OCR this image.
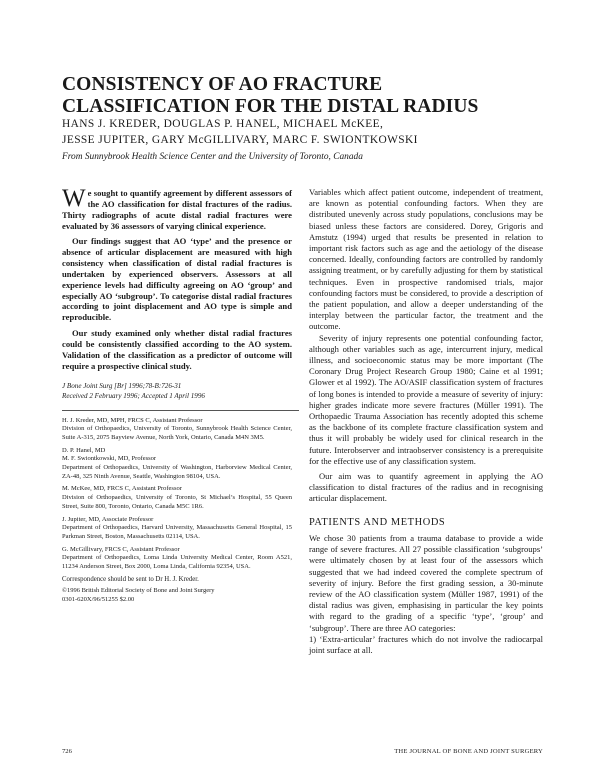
CONSISTENCY OF AO FRACTURE
CLASSIFICATION FOR THE DISTAL RADIUS
HANS J. KREDER, DOUGLAS P. HANEL, MICHAEL McKEE,
JESSE JUPITER, GARY McGILLIVARY, MARC F. SWIONTKOWSKI
From Sunnybrook Health Science Center and the University of Toronto, Canada

We sought to quantify agreement by different assessors of the AO classification for distal fractures of the radius. Thirty radiographs of acute distal radial fractures were evaluated by 36 assessors of varying clinical experience.

Our findings suggest that AO ‘type’ and the presence or absence of articular displacement are measured with high consistency when classification of distal radial fractures is undertaken by experienced observers. Assessors at all experience levels had difficulty agreeing on AO ‘group’ and especially AO ‘subgroup’. To categorise distal radial fractures according to joint displacement and AO type is simple and reproducible.

Our study examined only whether distal radial fractures could be consistently classified according to the AO system. Validation of the classification as a predictor of outcome will require a prospective clinical study.

J Bone Joint Surg [Br] 1996;78-B:726-31
Received 2 February 1996; Accepted 1 April 1996
H. J. Kreder, MD, MPH, FRCS C, Assistant Professor
Division of Orthopaedics, University of Toronto, Sunnybrook Health Science Center, Suite A-315, 2075 Bayview Avenue, North York, Ontario, Canada M4N 3M5.
D. P. Hanel, MD
M. F. Swiontkowski, MD, Professor
Department of Orthopaedics, University of Washington, Harborview Medical Center, ZA-48, 325 Ninth Avenue, Seattle, Washington 98104, USA.
M. McKee, MD, FRCS C, Assistant Professor
Division of Orthopaedics, University of Toronto, St Michael’s Hospital, 55 Queen Street, Suite 800, Toronto, Ontario, Canada M5C 1R6.
J. Jupiter, MD, Associate Professor
Department of Orthopaedics, Harvard University, Massachusetts General Hospital, 15 Parkman Street, Boston, Massachusetts 02114, USA.
G. McGillivary, FRCS C, Assistant Professor
Department of Orthopaedics, Loma Linda University Medical Center, Room A521, 11234 Anderson Street, Box 2000, Loma Linda, California 92354, USA.
Correspondence should be sent to Dr H. J. Kreder.
©1996 British Editorial Society of Bone and Joint Surgery
0301-620X/96/51255 $2.00

Variables which affect patient outcome, independent of treatment, are known as potential confounding factors. When they are distributed unevenly across study populations, conclusions may be biased unless these factors are considered. Dorey, Grigoris and Amstutz (1994) urged that results be presented in relation to important risk factors such as age and the aetiology of the disease concerned. Ideally, confounding factors are controlled by randomly assigning treatment, or by carefully adjusting for them by statistical techniques. Even in prospective randomised trials, major confounding factors must be considered, to provide a description of the patient population, and allow a deeper understanding of the interplay between the particular factor, the treatment and the outcome.

Severity of injury represents one potential confounding factor, although other variables such as age, intercurrent injury, medical illness, and socioeconomic status may be more important (The Coronary Drug Project Research Group 1980; Caine et al 1991; Glower et al 1992). The AO/ASIF classification system of fractures of long bones is intended to provide a measure of severity of injury: higher grades indicate more severe fractures (Müller 1991). The Orthopaedic Trauma Association has recently adopted this scheme as the backbone of its complete fracture classification system and thus it will probably be widely used for clinical research in the future. Interobserver and intraobserver consistency is a prerequisite for the effective use of any classification system.

Our aim was to quantify agreement in applying the AO classification to distal fractures of the radius and in recognising articular displacement.

PATIENTS AND METHODS

We chose 30 patients from a trauma database to provide a wide range of severe fractures. All 27 possible classification ‘subgroups’ were ultimately chosen by at least four of the assessors which suggested that we had indeed covered the complete spectrum of severity of injury. Before the first grading session, a 30-minute review of the AO classification system (Müller 1987, 1991) of the distal radius was given, emphasising in particular the key points with regard to the grading of a specific ‘type’, ‘group’ and ‘subgroup’. There are three AO categories:

1) ‘Extra-articular’ fractures which do not involve the radiocarpal joint surface at all.

726	THE JOURNAL OF BONE AND JOINT SURGERY
